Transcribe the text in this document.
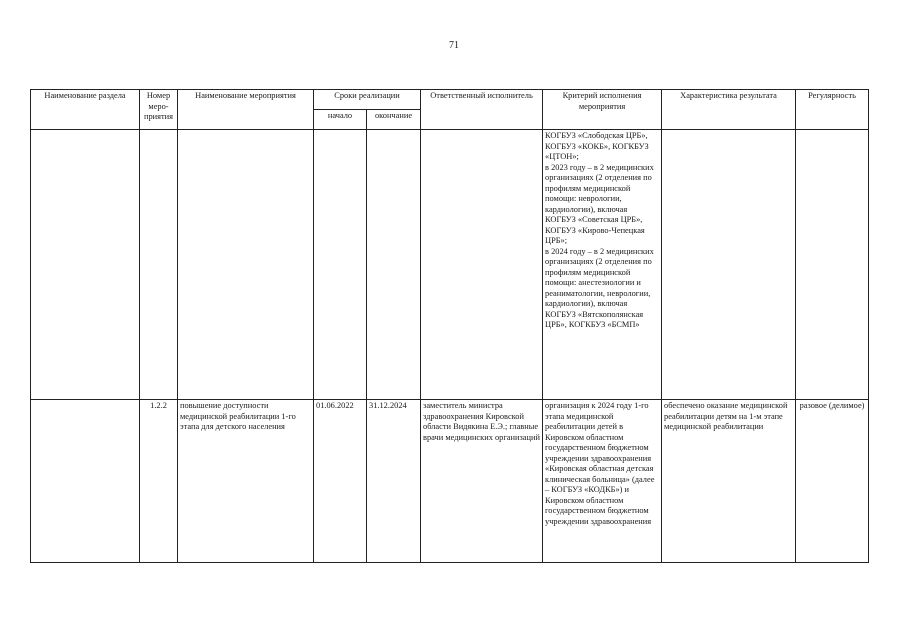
71
Наименование раздела	Номер меро-приятия	Наименование мероприятия	Сроки реализации		Ответственный исполнитель	Критерий исполнения мероприятия	Характеристика результата	Регулярность
			начало	окончание				
						КОГБУЗ «Слободская ЦРБ», КОГБУЗ «КОКБ», КОГКБУЗ «ЦТОН»;
в 2023 году – в 2 медицинских организациях (2 отделения по профилям медицинской помощи: неврологии, кардиологии), включая КОГБУЗ «Советская ЦРБ», КОГБУЗ «Кирово-Чепецкая ЦРБ»;
в 2024 году – в 2 медицинских организациях (2 отделения по профилям медицинской помощи: анестезиологии и реаниматологии, неврологии, кардиологии), включая КОГБУЗ «Вятскополянская ЦРБ», КОГКБУЗ «БСМП»		
	1.2.2	повышение доступности медицинской реабилитации 1-го этапа для детского населения	01.06.2022	31.12.2024	заместитель министра здравоохранения Кировской области Видякина Е.Э.; главные врачи медицинских организаций	организация к 2024 году 1-го этапа медицинской реабилитации детей в Кировском областном государственном бюджетном учреждении здравоохранения «Кировская областная детская клиническая больница» (далее – КОГБУЗ «КОДКБ») и Кировском областном государственном бюджетном учреждении здравоохранения	обеспечено оказание медицинской реабилитации детям на 1-м этапе медицинской реабилитации	разовое (делимое)
